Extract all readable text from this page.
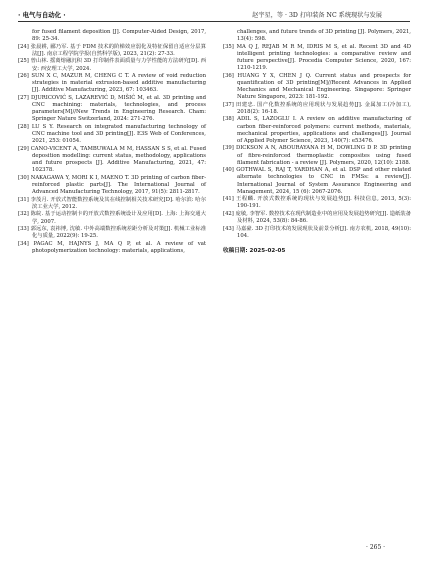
· 电气与自动化 ·	赵宇星，等 · 3D 打印装备 NC 系统现状与发展

for fused filament deposition [J]. Computer-Aided Design, 2017, 89: 25-34.

[24] 张晨耕, 郦乃军. 基于 FDM 技术的阶梯效应弱化及特征保留自适应分层算法[J]. 南京工程学院学报(自然科学版), 2023, 21(2): 27-33.

[25] 曾山林. 摇离熔融沉积 3D 打印制件表面质量与力学性能的方法研究[D]. 西安: 西安理工大学, 2024.

[26] SUN X C, MAZUR M, CHENG C T. A review of void reduction strategies in material extrusion-based additive manufacturing [J]. Additive Manufacturing, 2023, 67: 103463.

[27] DJURICOVIĆ S, LAZAREVIĆ D, MIŠIĆ M, et al. 3D printing and CNC machining: materials, technologies, and process parameters[M]//New Trends in Engineering Research. Cham: Springer Nature Switzerland, 2024: 271-276.

[28] LU S Y. Research on integrated manufacturing technology of CNC machine tool and 3D printing[J]. E3S Web of Conferences, 2021, 253: 01054.

[29] CANO-VICENT A, TAMBUWALA M M, HASSAN S S, et al. Fused deposition modelling: current status, methodology, applications and future prospects [J]. Additive Manufacturing, 2021, 47: 102378.

[30] NAKAGAWA Y, MORI K I, MAENO T. 3D printing of carbon fiber-reinforced plastic parts[J]. The International Journal of Advanced Manufacturing Technology, 2017, 91(5): 2811-2817.

[31] 李茂月. 开放式智能数控系统及其在线控制相关技术研究[D]. 哈尔滨: 哈尔滨工业大学, 2012.

[32] 陈皖. 基于运动控制卡的开放式数控系统设计及应用[D]. 上海: 上海交通大学, 2007.

[33] 郭远东, 袁祎博, 沈敏. 中外高端数控系统差距分析及对策[J]. 机械工业标准化与质量, 2022(9): 19-25.

[34] PAGAC M, HAJNYS J, MA Q P, et al. A review of vat photopolymerization technology: materials, applications,

challenges, and future trends of 3D printing [J]. Polymers, 2021, 13(4): 598.

[35] MA Q J, REJAB M R M, IDRIS M S, et al. Recent 3D and 4D intelligent printing technologies: a comparative review and future perspective[J]. Procedia Computer Science, 2020, 167: 1210-1219.

[36] HUANG Y X, CHEN J Q. Current status and prospects for quantification of 3D printing[M]//Recent Advances in Applied Mechanics and Mechanical Engineering. Singapore: Springer Nature Singapore, 2023: 181-192.

[37] 田建忠. 国产化数控系统的应用现状与发展趋势[J]. 金属加工(冷加工), 2018(2): 16-18.

[38] ADIL S, LAZOGLU I. A review on additive manufacturing of carbon fiber-reinforced polymers: current methods, materials, mechanical properties, applications and challenges[J]. Journal of Applied Polymer Science, 2023, 140(7): e53476.

[39] DICKSON A N, ABOURAYANA H M, DOWLING D P. 3D printing of fibre-reinforced thermoplastic composites using fused filament fabrication - a review [J]. Polymers, 2020, 12(10): 2188.

[40] GOTHWAL S, RAJ T, YARDHAN A, et al. DSP and other related alternate technologies to CNC in FMSs: a review[J]. International Journal of System Assurance Engineering and Management, 2024, 15 (6): 2067-2076.

[41] 王程麟. 开放式数控系统的现状与发展趋势[J]. 科技信息, 2013, 5(3): 190-191.

[42] 庞敏, 李智军. 数控技术在现代制造业中的应用及发展趋势研究[J]. 造纸装备及材料, 2024, 53(8): 84-86.

[43] 马嘉豪. 3D 打印技术的发展现状及前景分析[J]. 南方农机, 2018, 49(10): 104.

收稿日期: 2025-02-05

· 265 ·
